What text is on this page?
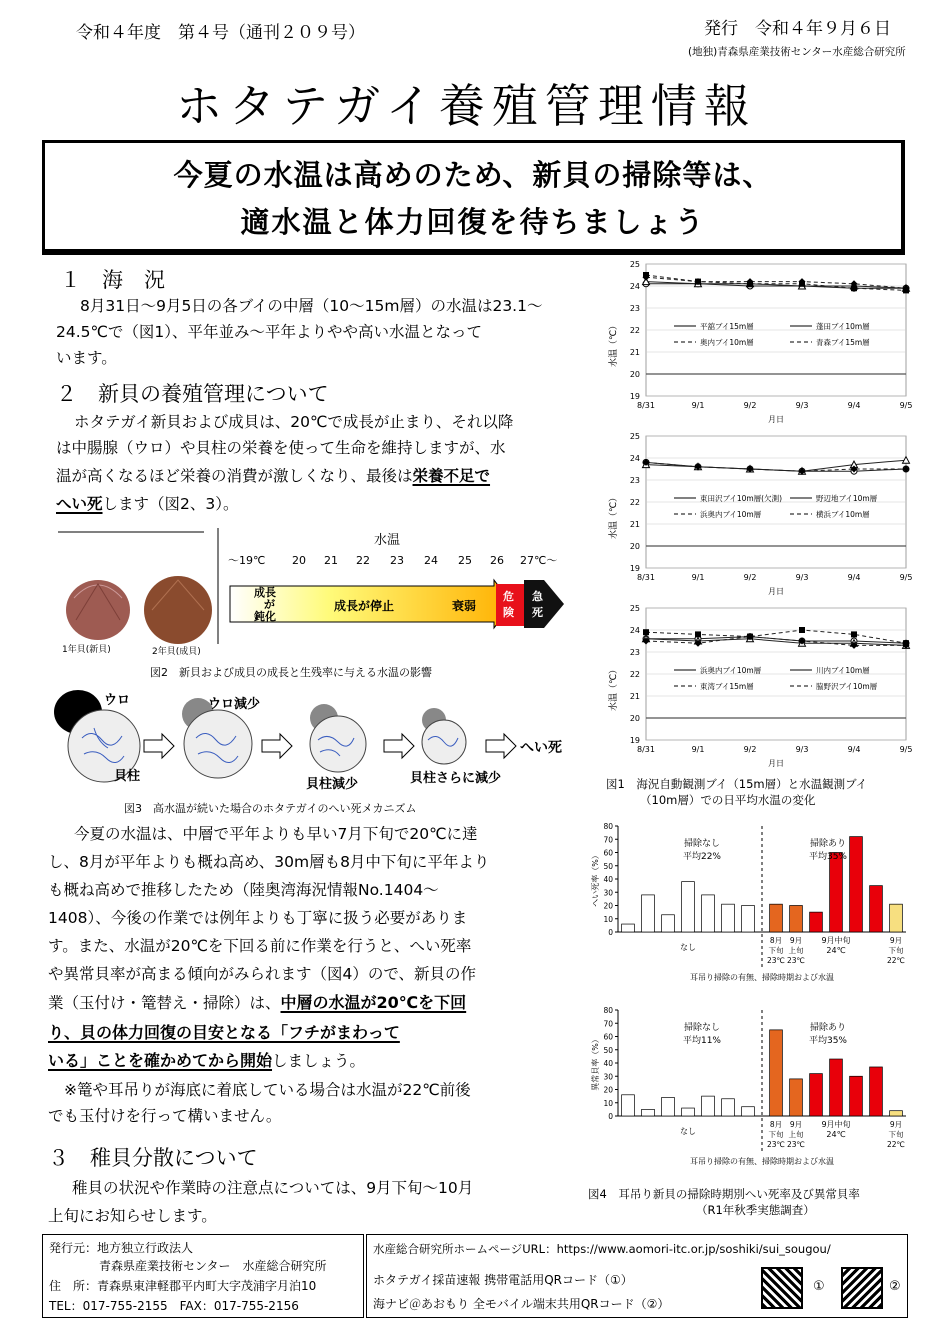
令和４年度　第４号（通刊２０９号）	発行　令和４年９月６日
(地独)青森県産業技術センター水産総合研究所
ホタテガイ養殖管理情報
今夏の水温は高めのため、新貝の掃除等は、
適水温と体力回復を待ちましょう
１　海　況
8月31日～9月5日の各ブイの中層（10～15m層）の水温は23.1～
24.5℃で（図1）、平年並み～平年よりやや高い水温となって
います。
２　新貝の養殖管理について
ホタテガイ新貝および成貝は、20℃で成長が止まり、それ以降
は中腸腺（ウロ）や貝柱の栄養を使って生命を維持しますが、水
温が高くなるほど栄養の消費が激しくなり、最後は栄養不足で
へい死します（図2、3）。
1年貝(新貝)	2年貝(成貝)
水温
～19℃ 20 21 22 23 24 25 26 27℃～
成長
が
鈍化
成長が停止	衰弱
危
険
急
死
図2　新貝および成貝の成長と生残率に与える水温の影響
ウロ
貝柱
ウロ減少
貝柱減少	貝柱さらに減少
へい死
図3　高水温が続いた場合のホタテガイのへい死メカニズム
今夏の水温は、中層で平年よりも早い7月下旬で20℃に達
し、8月が平年よりも概ね高め、30m層も8月中下旬に平年より
も概ね高めで推移したため（陸奥湾海況情報No.1404～
1408）、今後の作業では例年よりも丁寧に扱う必要がありま
す。また、水温が20℃を下回る前に作業を行うと、へい死率
や異常貝率が高まる傾向がみられます（図4）ので、新貝の作
業（玉付け・篭替え・掃除）は、中層の水温が20℃を下回
り、貝の体力回復の目安となる「フチがまわって
いる」ことを確かめてから開始しましょう。
※篭や耳吊りが海底に着底している場合は水温が22℃前後
でも玉付けを行って構いません。
３　稚貝分散について
稚貝の状況や作業時の注意点については、9月下旬～10月
上旬にお知らせします。
19
20
21
22
23
24
25
8/31	9/1	9/2	9/3	9/4	9/5
月日
水温（℃）	平舘ブイ15m層	蓬田ブイ10m層
奥内ブイ10m層	青森ブイ15m層
19
20
21
22
23
24
25
8/31	9/1	9/2	9/3	9/4	9/5
月日
水温（℃）	東田沢ブイ10m層(欠測)	野辺地ブイ10m層
浜奥内ブイ10m層	横浜ブイ10m層
19
20
21
22
23
24
25
8/31	9/1	9/2	9/3	9/4	9/5
月日
水温（℃）	浜奥内ブイ10m層	川内ブイ10m層
東湾ブイ15m層	脇野沢ブイ10m層
図1　海況自動観測ブイ（15m層）と水温観測ブイ
（10m層）での日平均水温の変化
0
10
20
30
40
50
60
70
80
へい死率（%）
掃除なし
平均22%
掃除あり
平均35%
なし
8月
下旬
23℃
9月
上旬
23℃
9月中旬
24℃
9月
下旬
22℃
耳吊り掃除の有無、掃除時期および水温
0
10
20
30
40
50
60
70
80
異常貝率（%）
掃除なし
平均11%
掃除あり
平均35%
なし
8月
下旬
23℃
9月
上旬
23℃
9月中旬
24℃
9月
下旬
22℃
耳吊り掃除の有無、掃除時期および水温
図4　耳吊り新貝の掃除時期別へい死率及び異常貝率
（R1年秋季実態調査）
発行元：地方独立行政法人
青森県産業技術センター　水産総合研究所
住　所：青森県東津軽郡平内町大字茂浦字月泊10
TEL：017-755-2155　FAX：017-755-2156
水産総合研究所ホームページURL：https://www.aomori-itc.or.jp/soshiki/sui_sougou/
ホタテガイ採苗速報 携帯電話用QRコード（①）
海ナビ＠あおもり 全モバイル端末共用QRコード（②）
①	②
